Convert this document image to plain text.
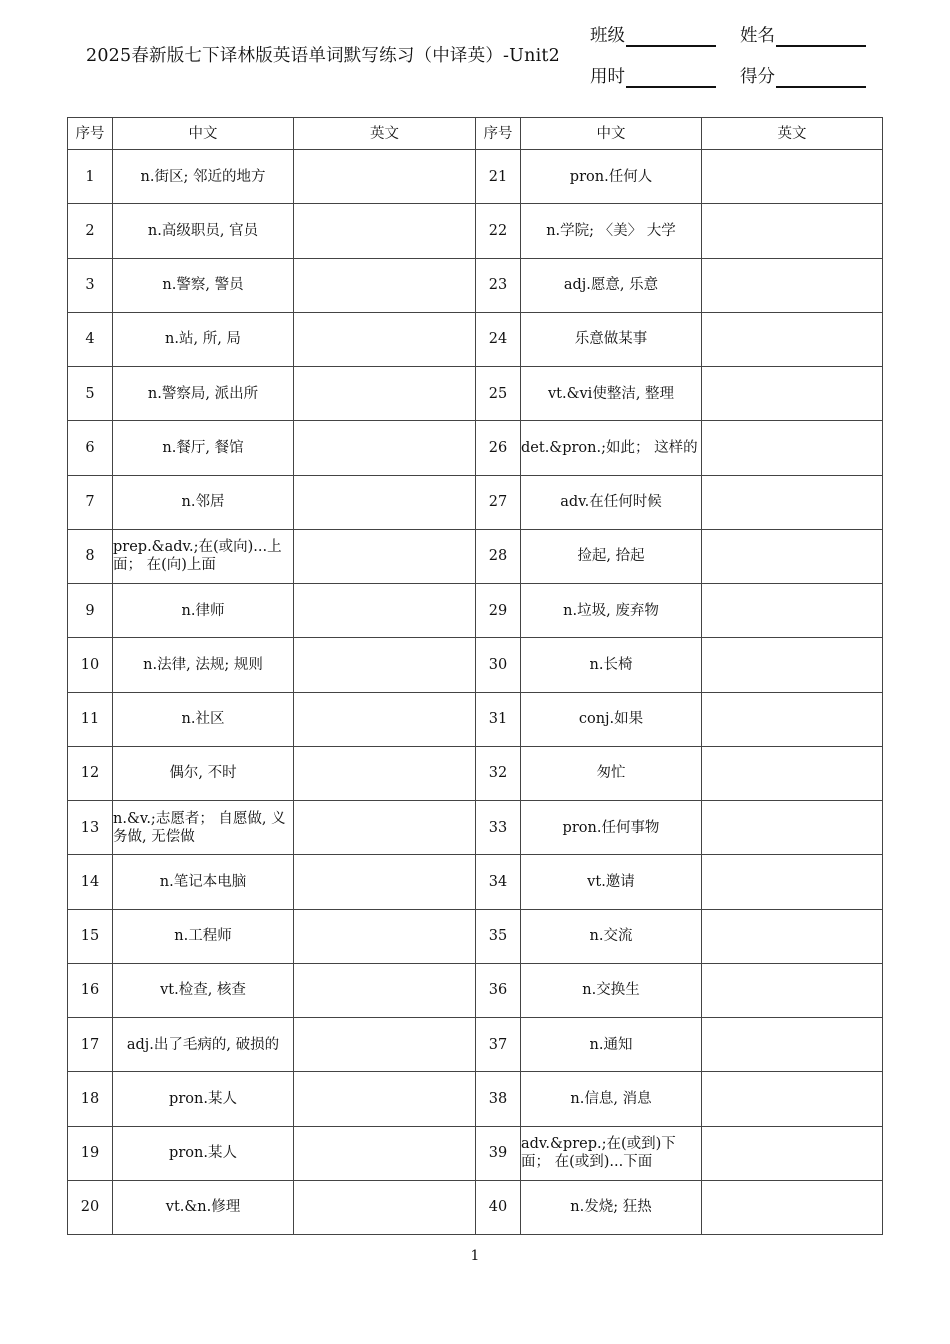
2025春新版七下译林版英语单词默写练习（中译英）-Unit2
班级	姓名
用时	得分
序号	中文	英文	序号	中文	英文
1	n.街区; 邻近的地方		21	pron.任何人	
2	n.高级职员, 官员		22	n.学院; 〈美〉 大学	
3	n.警察, 警员		23	adj.愿意, 乐意	
4	n.站, 所, 局		24	乐意做某事	
5	n.警察局, 派出所		25	vt.&vi使整洁, 整理	
6	n.餐厅, 餐馆		26	det.&pron.;如此； 这样的	
7	n.邻居		27	adv.在任何时候	
8	prep.&adv.;在(或向)...上面； 在(向)上面		28	捡起, 拾起	
9	n.律师		29	n.垃圾, 废弃物	
10	n.法律, 法规; 规则		30	n.长椅	
11	n.社区		31	conj.如果	
12	偶尔, 不时		32	匆忙	
13	n.&v.;志愿者； 自愿做, 义务做, 无偿做		33	pron.任何事物	
14	n.笔记本电脑		34	vt.邀请	
15	n.工程师		35	n.交流	
16	vt.检查, 核查		36	n.交换生	
17	adj.出了毛病的, 破损的		37	n.通知	
18	pron.某人		38	n.信息, 消息	
19	pron.某人		39	adv.&prep.;在(或到)下面； 在(或到)...下面	
20	vt.&n.修理		40	n.发烧; 狂热	
1
